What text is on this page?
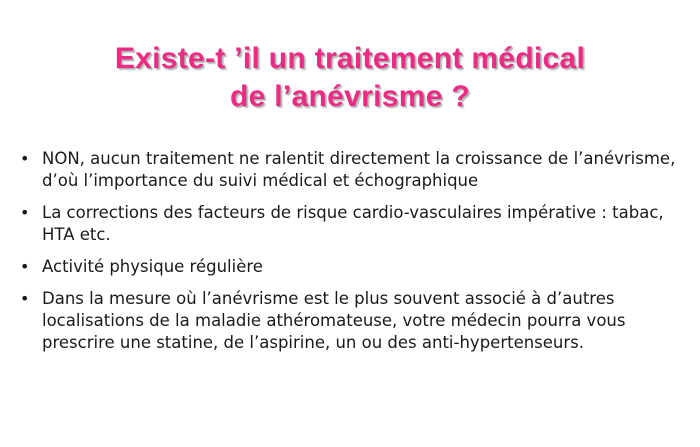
Existe-t ’il un traitement médical
de l’anévrisme ?
• NON, aucun traitement ne ralentit directement la croissance de l’anévrisme, d’où l’importance du suivi médical et échographique
• La corrections des facteurs de risque cardio-vasculaires impérative : tabac, HTA etc.
• Activité physique régulière
• Dans la mesure où l’anévrisme est le plus souvent associé à d’autres localisations de la maladie athéromateuse, votre médecin pourra vous prescrire une statine, de l’aspirine, un ou des anti-hypertenseurs.
